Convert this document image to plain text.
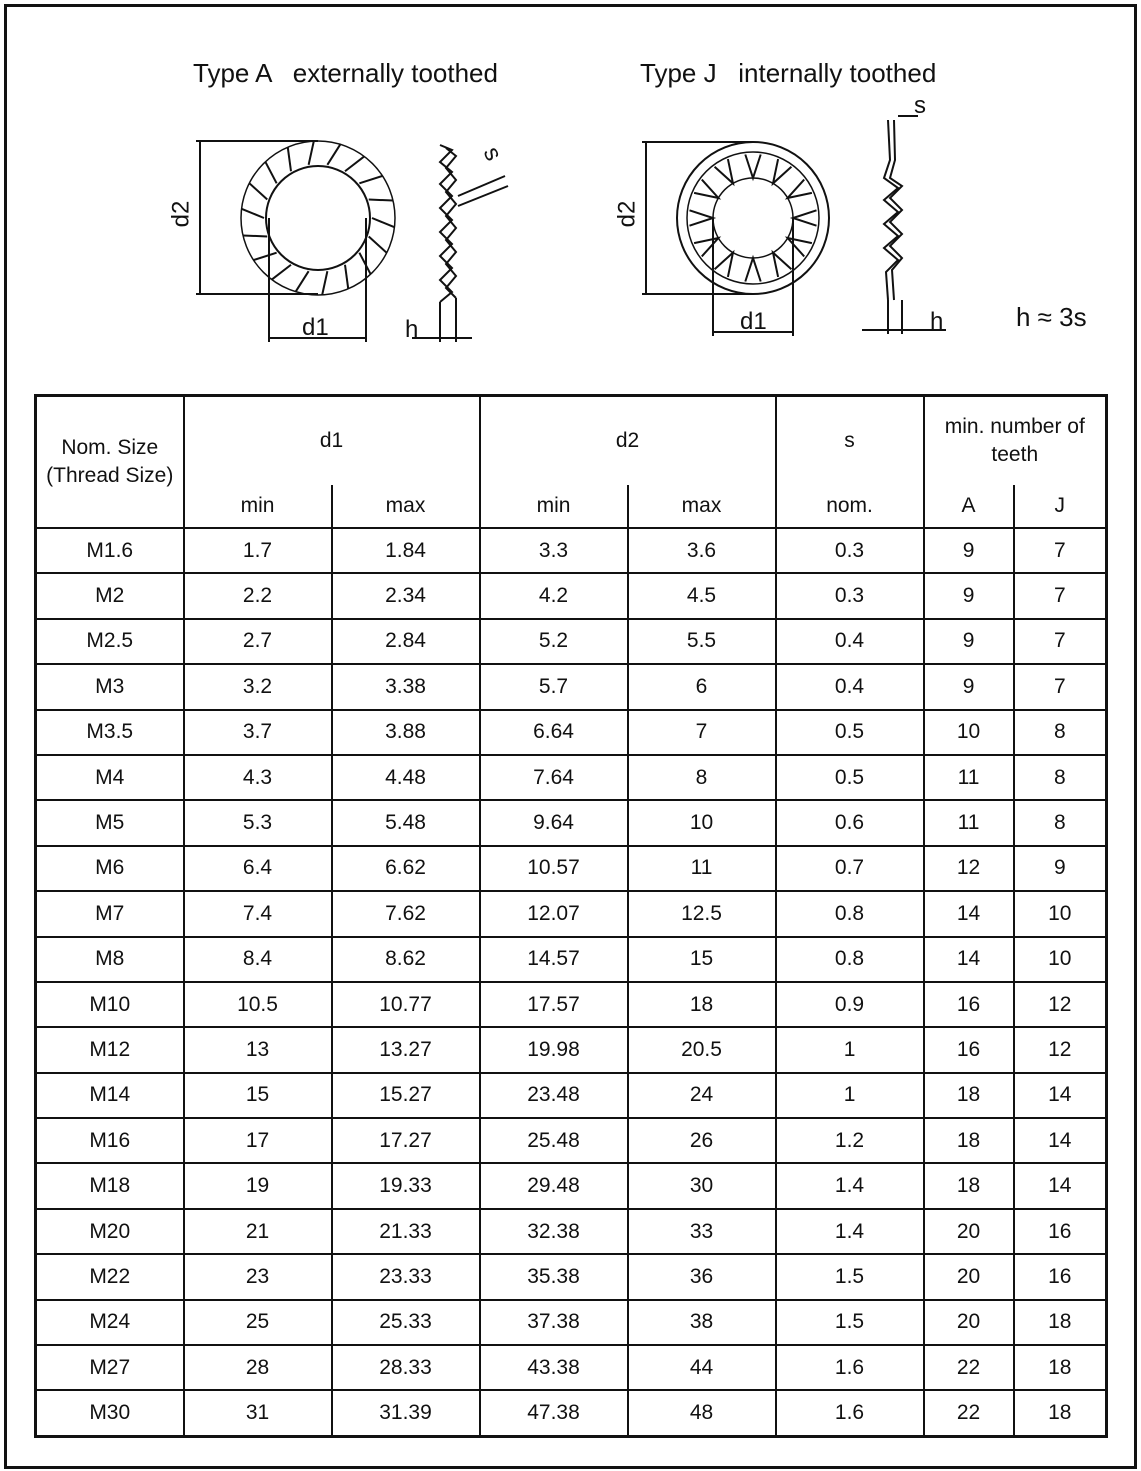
Type A   externally toothed	Type J   internally toothed
d2
d1	h
s
d2
d1	h
s
h ≈ 3s
Nom. Size (Thread Size)	d1		d2		s	min. number of teeth	
	min	max	min	max	nom.	A	J
M1.6	1.7	1.84	3.3	3.6	0.3	9	7
M2	2.2	2.34	4.2	4.5	0.3	9	7
M2.5	2.7	2.84	5.2	5.5	0.4	9	7
M3	3.2	3.38	5.7	6	0.4	9	7
M3.5	3.7	3.88	6.64	7	0.5	10	8
M4	4.3	4.48	7.64	8	0.5	11	8
M5	5.3	5.48	9.64	10	0.6	11	8
M6	6.4	6.62	10.57	11	0.7	12	9
M7	7.4	7.62	12.07	12.5	0.8	14	10
M8	8.4	8.62	14.57	15	0.8	14	10
M10	10.5	10.77	17.57	18	0.9	16	12
M12	13	13.27	19.98	20.5	1	16	12
M14	15	15.27	23.48	24	1	18	14
M16	17	17.27	25.48	26	1.2	18	14
M18	19	19.33	29.48	30	1.4	18	14
M20	21	21.33	32.38	33	1.4	20	16
M22	23	23.33	35.38	36	1.5	20	16
M24	25	25.33	37.38	38	1.5	20	18
M27	28	28.33	43.38	44	1.6	22	18
M30	31	31.39	47.38	48	1.6	22	18
